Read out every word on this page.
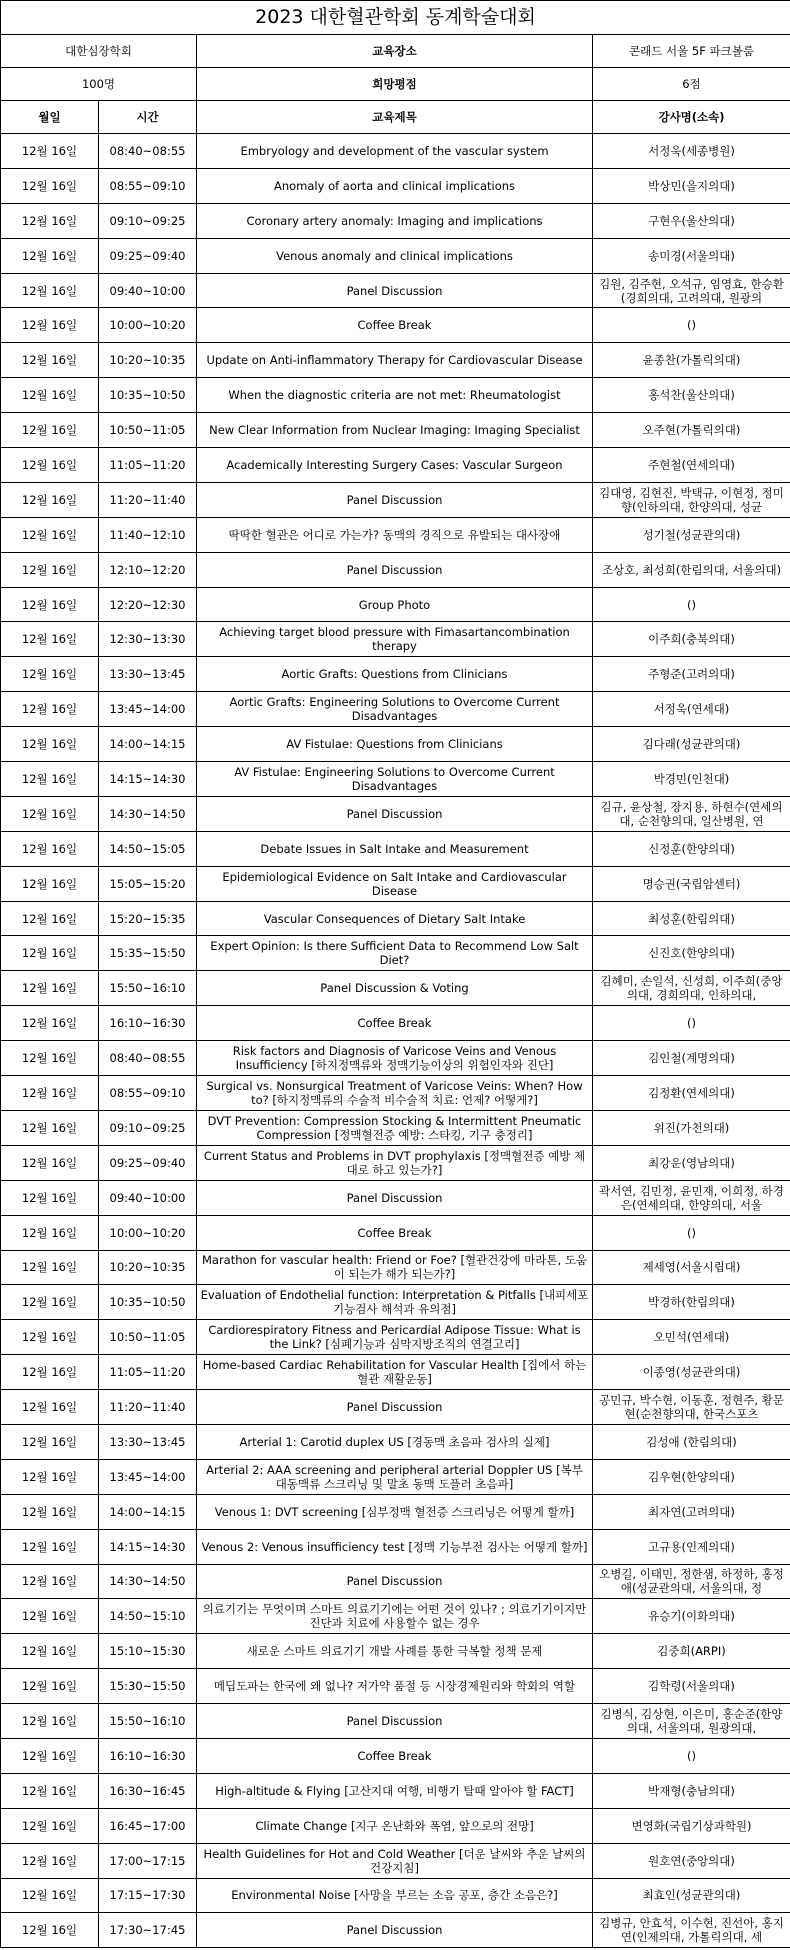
2023 대한혈관학회 동계학술대회			
대한심장학회		교육장소	콘래드 서울 5F 파크볼룸
100명		희망평점	6점
월일	시간	교육제목	강사명(소속)

12월 16일	08:40~08:55	Embryology and development of the vascular system	서정욱(세종병원)

12월 16일	08:55~09:10	Anomaly of aorta and clinical implications	박상민(을지의대)

12월 16일	09:10~09:25	Coronary artery anomaly: Imaging and implications	구현우(울산의대)

12월 16일	09:25~09:40	Venous anomaly and clinical implications	송미경(서울의대)

12월 16일	09:40~10:00	Panel Discussion	김원, 김주현, 오석규, 임영효, 한승환(경희의대, 고려의대, 원광의

12월 16일	10:00~10:20	Coffee Break	()

12월 16일	10:20~10:35	Update on Anti-inflammatory Therapy for Cardiovascular Disease	윤종찬(가톨릭의대)

12월 16일	10:35~10:50	When the diagnostic criteria are not met: Rheumatologist	홍석찬(울산의대)

12월 16일	10:50~11:05	New Clear Information from Nuclear Imaging: Imaging Specialist	오주현(가톨릭의대)

12월 16일	11:05~11:20	Academically Interesting Surgery Cases: Vascular Surgeon	주현철(연세의대)

12월 16일	11:20~11:40	Panel Discussion	김대영, 김현진, 박택규, 이현정, 정미향(인하의대, 한양의대, 성균

12월 16일	11:40~12:10	딱딱한 혈관은 어디로 가는가? 동맥의 경직으로 유발되는 대사장애	성기철(성균관의대)

12월 16일	12:10~12:20	Panel Discussion	조상호, 최성희(한림의대, 서울의대)

12월 16일	12:20~12:30	Group Photo	()

12월 16일	12:30~13:30	Achieving target blood pressure with Fimasartancombination therapy	이주희(충북의대)

12월 16일	13:30~13:45	Aortic Grafts: Questions from Clinicians	주형준(고려의대)

12월 16일	13:45~14:00	Aortic Grafts: Engineering Solutions to Overcome Current Disadvantages	서정욱(연세대)

12월 16일	14:00~14:15	AV Fistulae: Questions from Clinicians	김다래(성균관의대)

12월 16일	14:15~14:30	AV Fistulae: Engineering Solutions to Overcome Current Disadvantages	박경민(인천대)

12월 16일	14:30~14:50	Panel Discussion	김규, 윤상철, 장지용, 하현수(연세의대, 순천향의대, 일산병원, 연

12월 16일	14:50~15:05	Debate Issues in Salt Intake and Measurement	신정훈(한양의대)

12월 16일	15:05~15:20	Epidemiological Evidence on Salt Intake and Cardiovascular Disease	명승권(국립암센터)

12월 16일	15:20~15:35	Vascular Consequences of Dietary Salt Intake	최성훈(한림의대)

12월 16일	15:35~15:50	Expert Opinion: Is there Sufficient Data to Recommend Low Salt Diet?	신진호(한양의대)

12월 16일	15:50~16:10	Panel Discussion & Voting	김혜미, 손일석, 신성희, 이주희(중앙의대, 경희의대, 인하의대,

12월 16일	16:10~16:30	Coffee Break	()

12월 16일	08:40~08:55	Risk factors and Diagnosis of Varicose Veins and Venous Insufficiency [하지정맥류와 정맥기능이상의 위험인자와 진단]	김인철(계명의대)

12월 16일	08:55~09:10	Surgical vs. Nonsurgical Treatment of Varicose Veins: When? How to? [하지정맥류의 수술적 비수술적 치료: 언제? 어떻게?]	김정환(연세의대)

12월 16일	09:10~09:25	DVT Prevention: Compression Stocking & Intermittent Pneumatic Compression [정맥혈전증 예방: 스타킹, 기구 충정리]	위진(가천의대)

12월 16일	09:25~09:40	Current Status and Problems in DVT prophylaxis [정맥혈전증 예방 제대로 하고 있는가?]	최강운(영남의대)

12월 16일	09:40~10:00	Panel Discussion	곽서연, 김민정, 윤민재, 이희정, 하경은(연세의대, 한양의대, 서울

12월 16일	10:00~10:20	Coffee Break	()

12월 16일	10:20~10:35	Marathon for vascular health: Friend or Foe? [혈관건강에 마라톤, 도움이 되는가 해가 되는가?]	제세영(서울시립대)

12월 16일	10:35~10:50	Evaluation of Endothelial function: Interpretation & Pitfalls [내피세포기능검사 해석과 유의점]	박경하(한림의대)

12월 16일	10:50~11:05	Cardiorespiratory Fitness and Pericardial Adipose Tissue: What is the Link? [심폐기능과 심막지방조직의 연결고리]	오민석(연세대)

12월 16일	11:05~11:20	Home-based Cardiac Rehabilitation for Vascular Health [집에서 하는 혈관 재활운동]	이종영(성균관의대)

12월 16일	11:20~11:40	Panel Discussion	공민규, 박수현, 이동훈, 정현주, 황문현(순천향의대, 한국스포츠

12월 16일	13:30~13:45	Arterial 1: Carotid duplex US [경동맥 초음파 검사의 실제]	김성애 (한림의대)

12월 16일	13:45~14:00	Arterial 2: AAA screening and peripheral arterial Doppler US [복부 대동맥류 스크리닝 및 말초 동맥 도플러 초음파]	김우현(한양의대)

12월 16일	14:00~14:15	Venous 1: DVT screening [심부정맥 혈전증 스크리닝은 어떻게 할까]	최자연(고려의대)

12월 16일	14:15~14:30	Venous 2: Venous insufficiency test [정맥 기능부전 검사는 어떻게 할까]	고규용(인제의대)

12월 16일	14:30~14:50	Panel Discussion	오병길, 이태민, 정한샘, 하정하, 홍정애(성균관의대, 서울의대, 정

12월 16일	14:50~15:10	의료기기는 무엇이며 스마트 의료기기에는 어떤 것이 있나? ; 의료기기이지만 진단과 치료에 사용할수 없는 경우	유승기(이화의대)

12월 16일	15:10~15:30	새로운 스마트 의료기기 개발 사례를 통한 극복할 정책 문제	김중희(ARPI)

12월 16일	15:30~15:50	메딥도파는 한국에 왜 없나? 저가약 품절 등 시장경제원리와 학회의 역할	김학령(서울의대)

12월 16일	15:50~16:10	Panel Discussion	김병식, 김상현, 이은미, 홍순준(한양의대, 서울의대, 원광의대,

12월 16일	16:10~16:30	Coffee Break	()

12월 16일	16:30~16:45	High-altitude & Flying [고산지대 여행, 비행기 탈때 알아야 할 FACT]	박재형(충남의대)

12월 16일	16:45~17:00	Climate Change [지구 온난화와 폭염, 앞으로의 전망]	변영화(국립기상과학원)

12월 16일	17:00~17:15	Health Guidelines for Hot and Cold Weather [더운 날씨와 추운 날씨의 건강지침]	원호연(중앙의대)

12월 16일	17:15~17:30	Environmental Noise [사망을 부르는 소음 공포, 층간 소음은?]	최효인(성균관의대)

12월 16일	17:30~17:45	Panel Discussion	김병규, 안효석, 이수현, 진선아, 홍지연(인제의대, 가톨릭의대, 세
